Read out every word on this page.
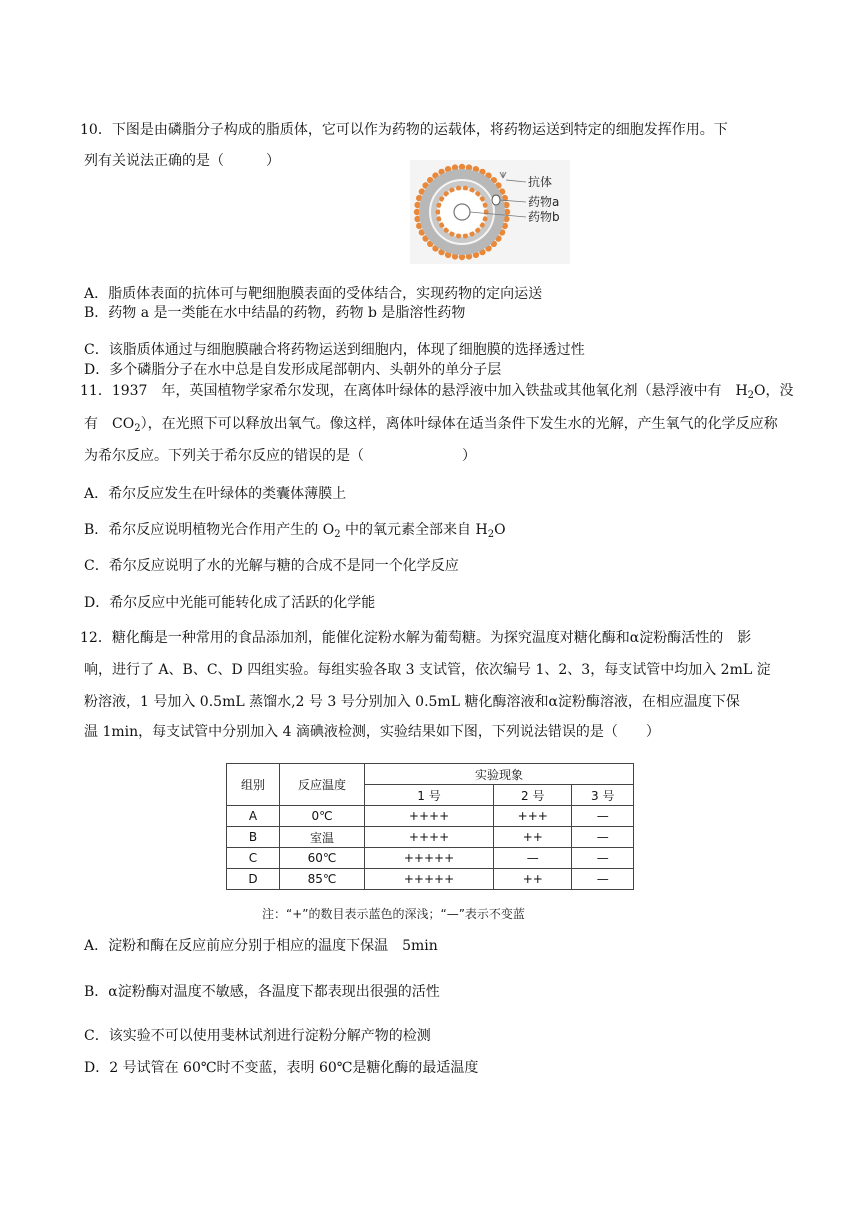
10．下图是由磷脂分子构成的脂质体，它可以作为药物的运载体，将药物运送到特定的细胞发挥作用。下
列有关说法正确的是（　　　）
抗体
药物a
药物b
A．脂质体表面的抗体可与靶细胞膜表面的受体结合，实现药物的定向运送
B．药物 a 是一类能在水中结晶的药物，药物 b 是脂溶性药物
C．该脂质体通过与细胞膜融合将药物运送到细胞内，体现了细胞膜的选择透过性
D．多个磷脂分子在水中总是自发形成尾部朝内、头朝外的单分子层
11．1937　年，英国植物学家希尔发现，在离体叶绿体的悬浮液中加入铁盐或其他氧化剂（悬浮液中有　$H_2O$，没
有　$CO_2$），在光照下可以释放出氧气。像这样，离体叶绿体在适当条件下发生水的光解，产生氧气的化学反应称
为希尔反应。下列关于希尔反应的错误的是（　　　　　　　）
A．希尔反应发生在叶绿体的类囊体薄膜上
B．希尔反应说明植物光合作用产生的 $O_2$ 中的氧元素全部来自 $H_2O$
C．希尔反应说明了水的光解与糖的合成不是同一个化学反应
D．希尔反应中光能可能转化成了活跃的化学能
12．糖化酶是一种常用的食品添加剂，能催化淀粉水解为葡萄糖。为探究温度对糖化酶和α淀粉酶活性的　影
响，进行了 A、B、C、D 四组实验。每组实验各取 3 支试管，依次编号 1、2、3，每支试管中均加入 2mL 淀
粉溶液，1 号加入 0.5mL 蒸馏水,2 号 3 号分别加入 0.5mL 糖化酶溶液和α淀粉酶溶液，在相应温度下保
温 1min，每支试管中分别加入 4 滴碘液检测，实验结果如下图，下列说法错误的是（　　）
组别	反应温度	实验现象		
		1 号	2 号	3 号
A	0℃	++++	+++	—
B	室温	++++	++	—
C	60℃	+++++	—	—
D	85℃	+++++	++	—
注：“+”的数目表示蓝色的深浅；“—”表示不变蓝
A．淀粉和酶在反应前应分别于相应的温度下保温　5min
B．α淀粉酶对温度不敏感，各温度下都表现出很强的活性
C．该实验不可以使用斐林试剂进行淀粉分解产物的检测
D．2 号试管在 60℃时不变蓝，表明 60℃是糖化酶的最适温度
